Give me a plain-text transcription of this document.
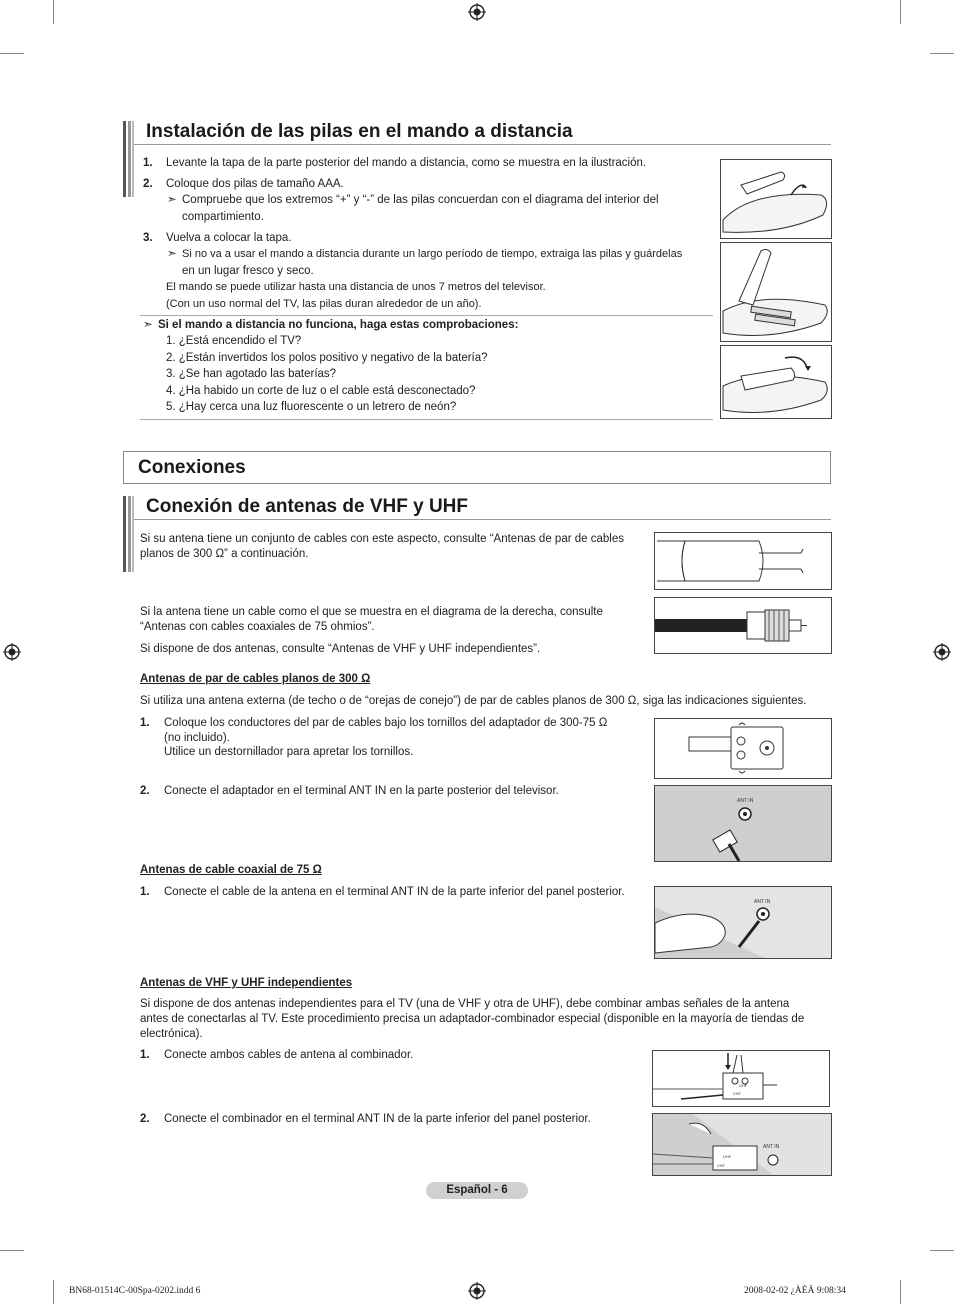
Instalación de las pilas en el mando a distancia
1. Levante la tapa de la parte posterior del mando a distancia, como se muestra en la ilustración.
2. Coloque dos pilas de tamaño AAA.
➣ Compruebe que los extremos “+” y “-” de las pilas concuerdan con el diagrama del interior del
compartimiento.
3. Vuelva a colocar la tapa.
➣ Si no va a usar el mando a distancia durante un largo período de tiempo, extraiga las pilas y guárdelas
en un lugar fresco y seco.
El mando se puede utilizar hasta una distancia de unos 7 metros del televisor.
(Con un uso normal del TV, las pilas duran alrededor de un año).
➣ Si el mando a distancia no funciona, haga estas comprobaciones:
1. ¿Está encendido el TV?
2. ¿Están invertidos los polos positivo y negativo de la batería?
3. ¿Se han agotado las baterías?
4. ¿Ha habido un corte de luz o el cable está desconectado?
5. ¿Hay cerca una luz fluorescente o un letrero de neón?
Conexiones
Conexión de antenas de VHF y UHF
Si su antena tiene un conjunto de cables con este aspecto, consulte “Antenas de par de cables
planos de 300 Ω” a continuación.
Si la antena tiene un cable como el que se muestra en el diagrama de la derecha, consulte
“Antenas con cables coaxiales de 75 ohmios”.
Si dispone de dos antenas, consulte “Antenas de VHF y UHF independientes”.
Antenas de par de cables planos de 300 Ω
Si utiliza una antena externa (de techo o de “orejas de conejo”) de par de cables planos de 300 Ω, siga las indicaciones siguientes.
1. Coloque los conductores del par de cables bajo los tornillos del adaptador de 300-75 Ω
(no incluido).
Utilice un destornillador para apretar los tornillos.
2. Conecte el adaptador en el terminal ANT IN en la parte posterior del televisor.
ANT IN
Antenas de cable coaxial de 75 Ω
1. Conecte el cable de la antena en el terminal ANT IN de la parte inferior del panel posterior.
ANT IN
Antenas de VHF y UHF independientes
Si dispone de dos antenas independientes para el TV (una de VHF y otra de UHF), debe combinar ambas señales de la antena
antes de conectarlas al TV. Este procedimiento precisa un adaptador-combinador especial (disponible en la mayoría de tiendas de
electrónica).
1. Conecte ambos cables de antena al combinador.
UHF
VHF
2. Conecte el combinador en el terminal ANT IN de la parte inferior del panel posterior.
UHF
VHF
ANT IN
Español - 6
BN68-01514C-00Spa-0202.indd 6	2008-02-02 ¿ÀÈÄ 9:08:34
